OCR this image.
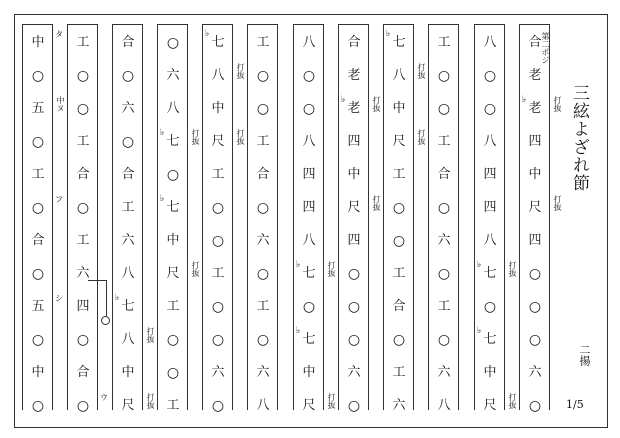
第二ポジ
三絃よざれ節
二揚
1/5
中
タ
○
五 中ヌ
○
工
○ フ
合
○
五
シ
○
中
○
工
○
○
工
合
○
工
六
四
○
合
○ ウ
合
○
六
○
合
工
六
八
♭
七
八 打抜
中
尺 打抜
○
六
八
♭
七 打抜
○
♭
七
中
尺 打抜
工
○
○
工
♭
七
八 打抜
中
尺 打抜
工
○
○
工
○
○
六
○
工
○
○
工
合
○
六
○
工
○
六
八
八
○
○
八
四
四
八
♭
七 打抜
○
♭
七
中
尺 打抜
合
老
♭
老 打抜
四
中
尺 打抜
四
○
○
○
六
○
♭
七
八 打抜
中
尺 打抜
工
○
○
工
合
○
工
六
工
○
○
工
合
○
六
○
工
○
六
八
八
○
○
八
四
四
八
♭
七 打抜
○
♭
七
中
尺 打抜
合
老
♭
老 打抜
四
中
尺 打抜
四
○
○
○
六
○
